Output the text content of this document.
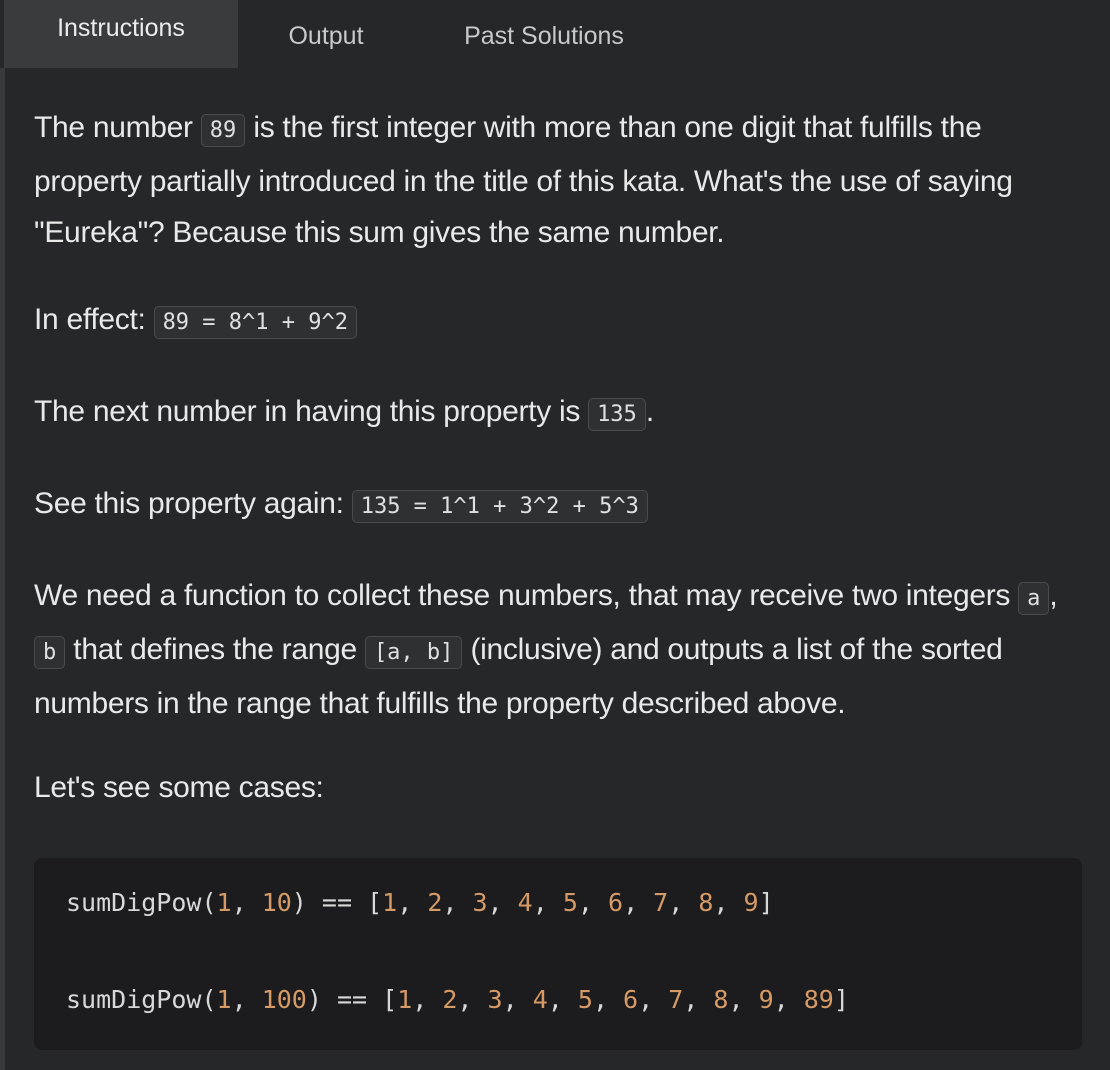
Instructions	Output	Past Solutions

The number 89 is the first integer with more than one digit that fulfills the property partially introduced in the title of this kata. What's the use of saying "Eureka"? Because this sum gives the same number.

In effect: 89 = 8^1 + 9^2

The next number in having this property is 135 .

See this property again: 135 = 1^1 + 3^2 + 5^3

We need a function to collect these numbers, that may receive two integers a , b that defines the range [a, b] (inclusive) and outputs a list of the sorted numbers in the range that fulfills the property described above.

Let's see some cases:

sumDigPow(1, 10) == [1, 2, 3, 4, 5, 6, 7, 8, 9]
sumDigPow(1, 100) == [1, 2, 3, 4, 5, 6, 7, 8, 9, 89]
